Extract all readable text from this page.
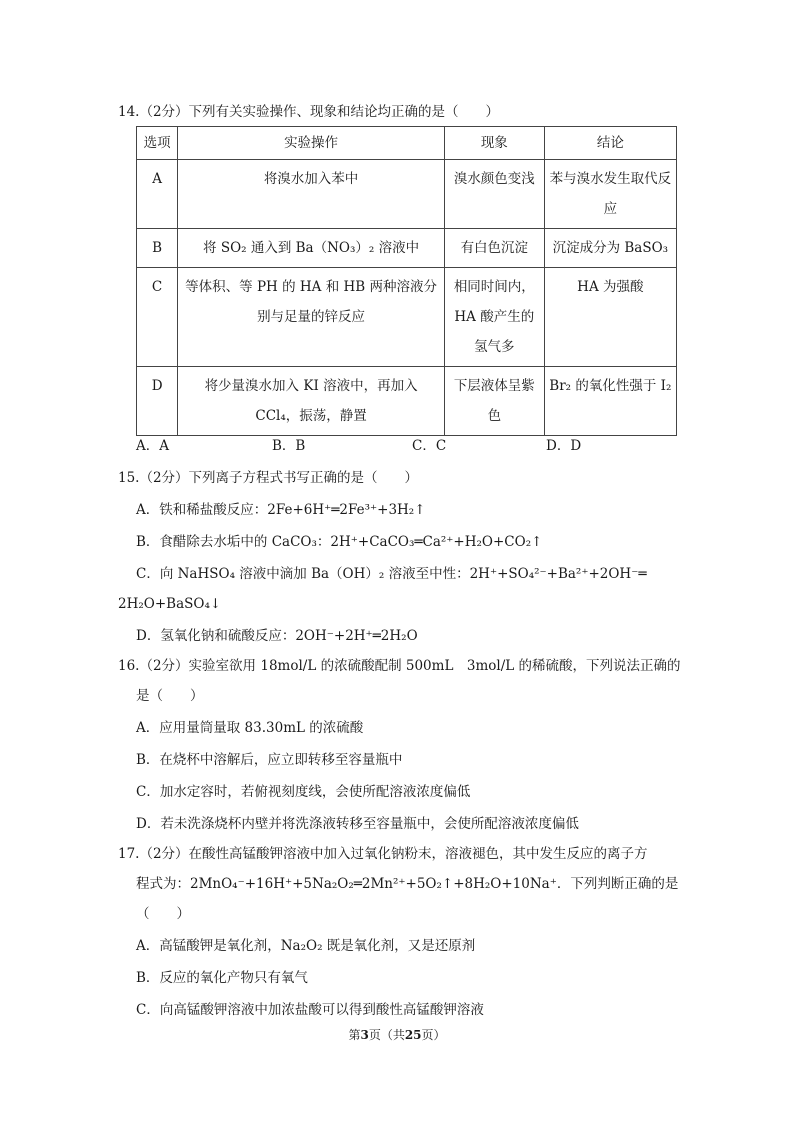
14.（2分）下列有关实验操作、现象和结论均正确的是（　　）
选项	实验操作	现象	结论
A	将溴水加入苯中	溴水颜色变浅	苯与溴水发生取代反应
B	将 SO₂ 通入到 Ba（NO₃）₂ 溶液中	有白色沉淀	沉淀成分为 BaSO₃
C	等体积、等 PH 的 HA 和 HB 两种溶液分别与足量的锌反应	相同时间内，HA 酸产生的氢气多	HA 为强酸
D	将少量溴水加入 KI 溶液中，再加入 CCl₄，振荡，静置	下层液体呈紫色	Br₂ 的氧化性强于 I₂
A．A	B．B	C．C	D．D
15.（2分）下列离子方程式书写正确的是（　　）
A．铁和稀盐酸反应：2Fe+6H⁺═2Fe³⁺+3H₂↑
B．食醋除去水垢中的 CaCO₃：2H⁺+CaCO₃═Ca²⁺+H₂O+CO₂↑
C．向 NaHSO₄ 溶液中滴加 Ba（OH）₂ 溶液至中性：2H⁺+SO₄²⁻+Ba²⁺+2OH⁻═
2H₂O+BaSO₄↓
D．氢氧化钠和硫酸反应：2OH⁻+2H⁺═2H₂O
16.（2分）实验室欲用 18mol/L 的浓硫酸配制 500mL　3mol/L 的稀硫酸，下列说法正确的
是（　　）
A．应用量筒量取 83.30mL 的浓硫酸
B．在烧杯中溶解后，应立即转移至容量瓶中
C．加水定容时，若俯视刻度线，会使所配溶液浓度偏低
D．若未洗涤烧杯内壁并将洗涤液转移至容量瓶中，会使所配溶液浓度偏低
17.（2分）在酸性高锰酸钾溶液中加入过氧化钠粉末，溶液褪色，其中发生反应的离子方
程式为：2MnO₄⁻+16H⁺+5Na₂O₂═2Mn²⁺+5O₂↑+8H₂O+10Na⁺．下列判断正确的是
（　　）
A．高锰酸钾是氧化剂，Na₂O₂ 既是氧化剂，又是还原剂
B．反应的氧化产物只有氧气
C．向高锰酸钾溶液中加浓盐酸可以得到酸性高锰酸钾溶液
第3页（共25页）
